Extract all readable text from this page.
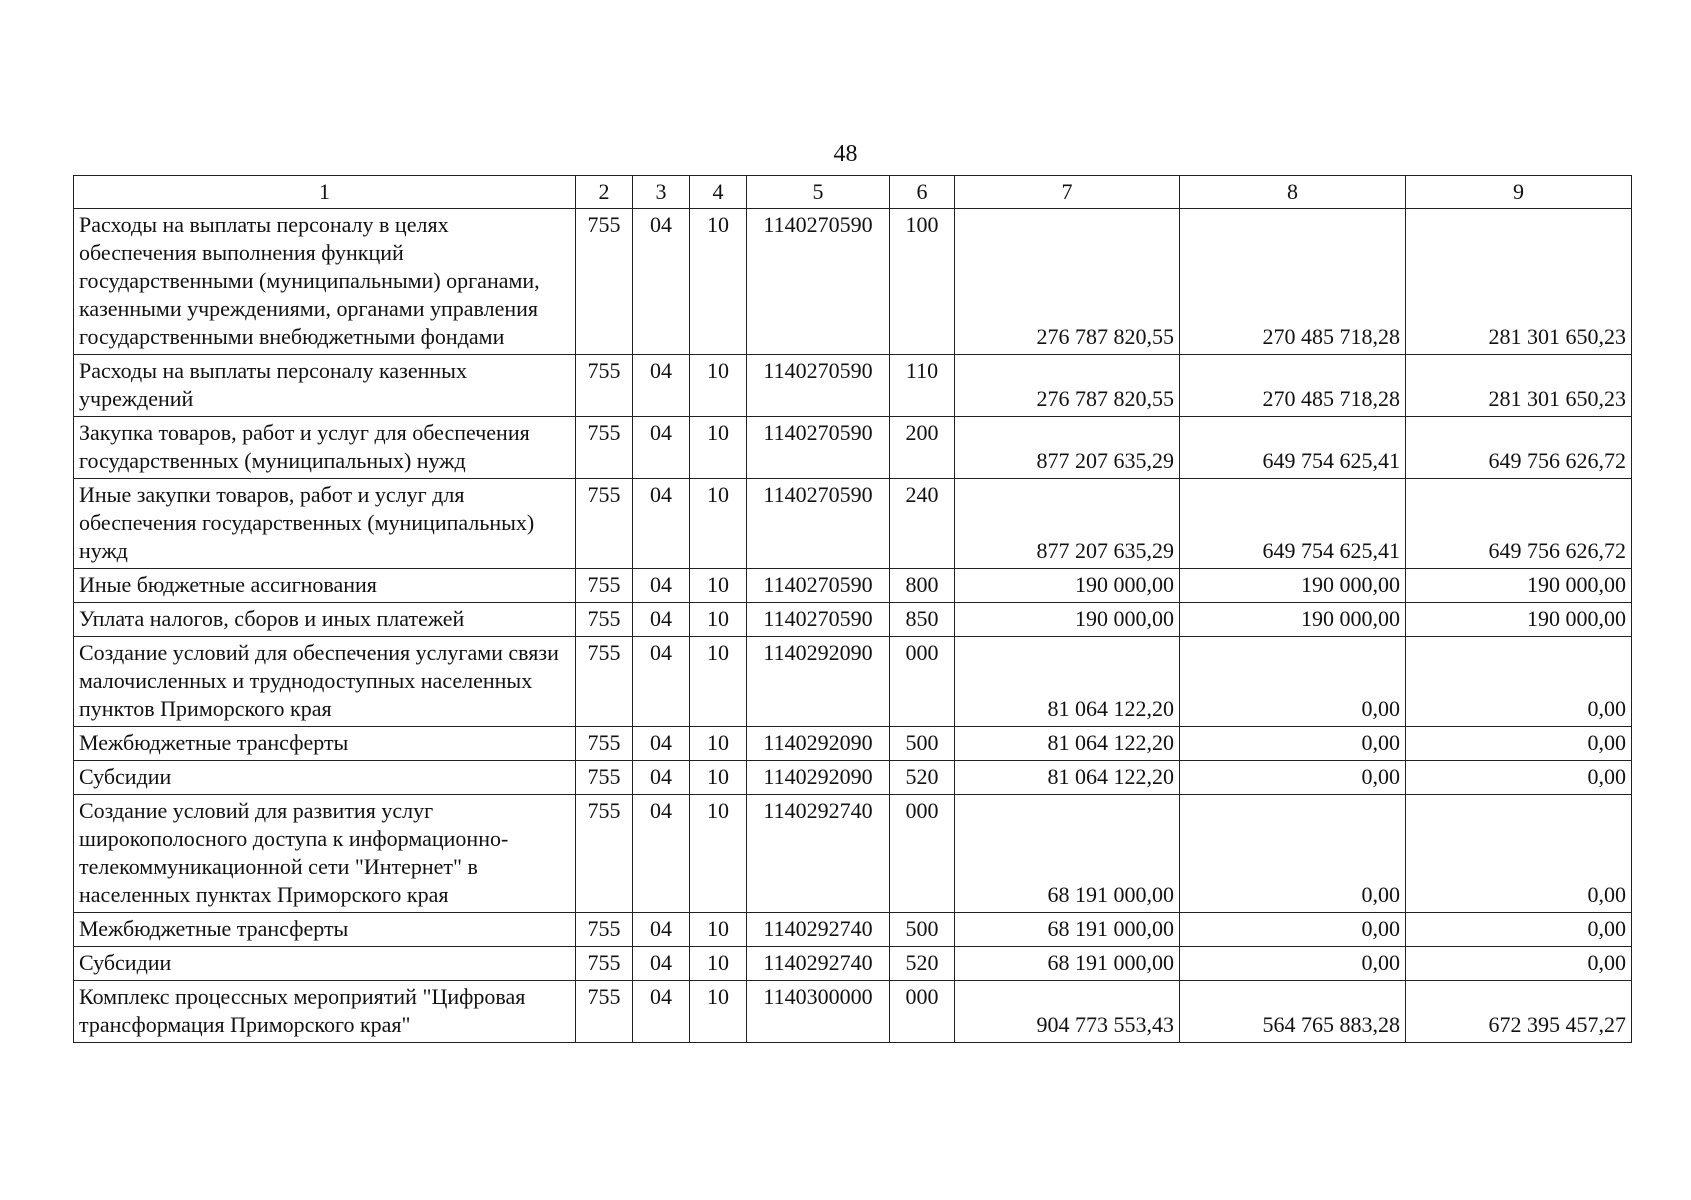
48
1	2	3	4	5	6	7	8	9
Расходы на выплаты персоналу в целях обеспечения выполнения функций государственными (муниципальными) органами, казенными учреждениями, органами управления государственными внебюджетными фондами	755	04	10	1140270590	100	276 787 820,55	270 485 718,28	281 301 650,23
Расходы на выплаты персоналу казенных учреждений	755	04	10	1140270590	110	276 787 820,55	270 485 718,28	281 301 650,23
Закупка товаров, работ и услуг для обеспечения государственных (муниципальных) нужд	755	04	10	1140270590	200	877 207 635,29	649 754 625,41	649 756 626,72
Иные закупки товаров, работ и услуг для обеспечения государственных (муниципальных) нужд	755	04	10	1140270590	240	877 207 635,29	649 754 625,41	649 756 626,72
Иные бюджетные ассигнования	755	04	10	1140270590	800	190 000,00	190 000,00	190 000,00
Уплата налогов, сборов и иных платежей	755	04	10	1140270590	850	190 000,00	190 000,00	190 000,00
Создание условий для обеспечения услугами связи малочисленных и труднодоступных населенных пунктов Приморского края	755	04	10	1140292090	000	81 064 122,20	0,00	0,00
Межбюджетные трансферты	755	04	10	1140292090	500	81 064 122,20	0,00	0,00
Субсидии	755	04	10	1140292090	520	81 064 122,20	0,00	0,00
Создание условий для развития услуг широкополосного доступа к информационно-телекоммуникационной сети "Интернет" в населенных пунктах Приморского края	755	04	10	1140292740	000	68 191 000,00	0,00	0,00
Межбюджетные трансферты	755	04	10	1140292740	500	68 191 000,00	0,00	0,00
Субсидии	755	04	10	1140292740	520	68 191 000,00	0,00	0,00
Комплекс процессных мероприятий "Цифровая трансформация Приморского края"	755	04	10	1140300000	000	904 773 553,43	564 765 883,28	672 395 457,27
